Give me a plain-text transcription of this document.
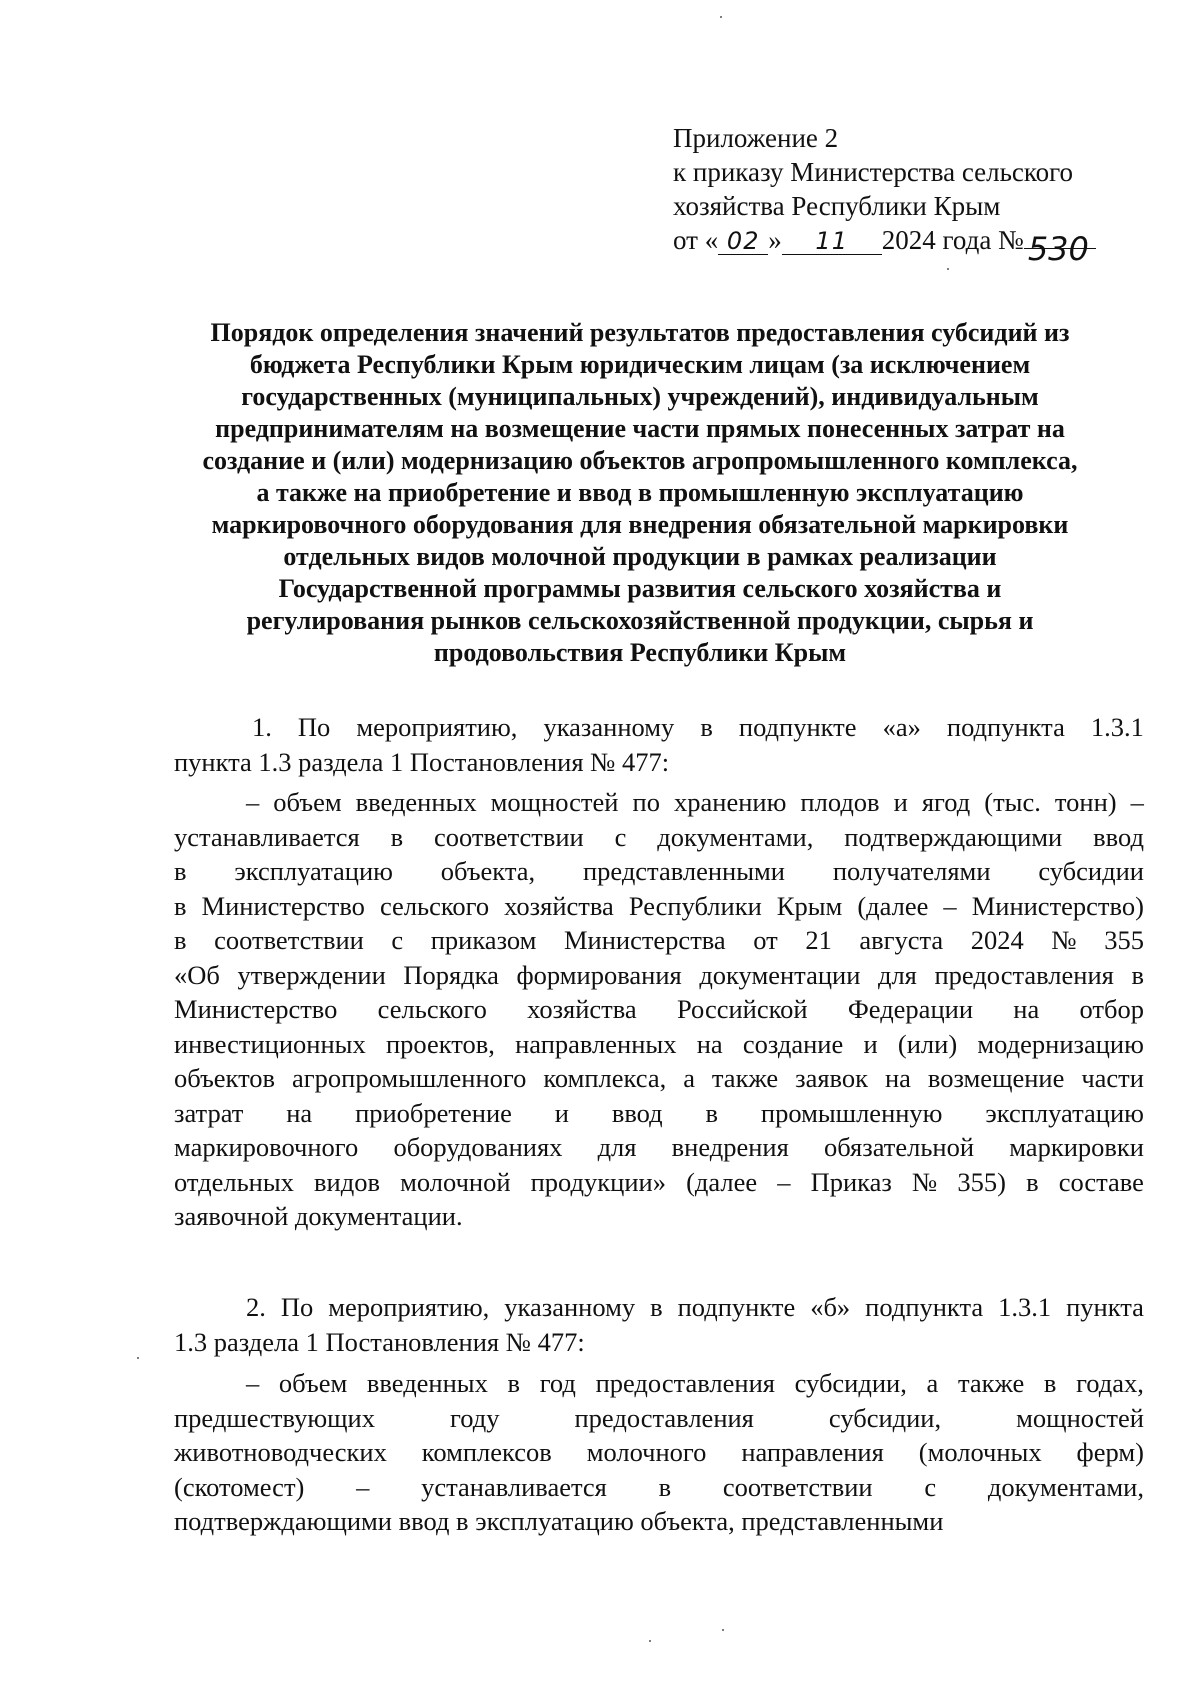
Приложение 2
к приказу Министерства сельского
хозяйства Республики Крым
от « 02 » 11 2024 года № 530
Порядок определения значений результатов предоставления субсидий из
бюджета Республики Крым юридическим лицам (за исключением
государственных (муниципальных) учреждений), индивидуальным
предпринимателям на возмещение части прямых понесенных затрат на
создание и (или) модернизацию объектов агропромышленного комплекса,
а также на приобретение и ввод в промышленную эксплуатацию
маркировочного оборудования для внедрения обязательной маркировки
отдельных видов молочной продукции в рамках реализации
Государственной программы развития сельского хозяйства и
регулирования рынков сельскохозяйственной продукции, сырья и
продовольствия Республики Крым
1. По мероприятию, указанному в подпункте «а» подпункта 1.3.1
пункта 1.3 раздела 1 Постановления № 477:
– объем введенных мощностей по хранению плодов и ягод (тыс. тонн) –
устанавливается в соответствии с документами, подтверждающими ввод
в эксплуатацию объекта, представленными получателями субсидии
в Министерство сельского хозяйства Республики Крым (далее – Министерство)
в соответствии с приказом Министерства от 21 августа 2024 № 355
«Об утверждении Порядка формирования документации для предоставления в
Министерство сельского хозяйства Российской Федерации на отбор
инвестиционных проектов, направленных на создание и (или) модернизацию
объектов агропромышленного комплекса, а также заявок на возмещение части
затрат на приобретение и ввод в промышленную эксплуатацию
маркировочного оборудованиях для внедрения обязательной маркировки
отдельных видов молочной продукции» (далее – Приказ № 355) в составе
заявочной документации.
2. По мероприятию, указанному в подпункте «б» подпункта 1.3.1 пункта
1.3 раздела 1 Постановления № 477:
– объем введенных в год предоставления субсидии, а также в годах,
предшествующих	году	предоставления	субсидии,	мощностей
животноводческих комплексов молочного направления (молочных ферм)
(скотомест) – устанавливается в соответствии с документами,
подтверждающими ввод в эксплуатацию объекта, представленными
